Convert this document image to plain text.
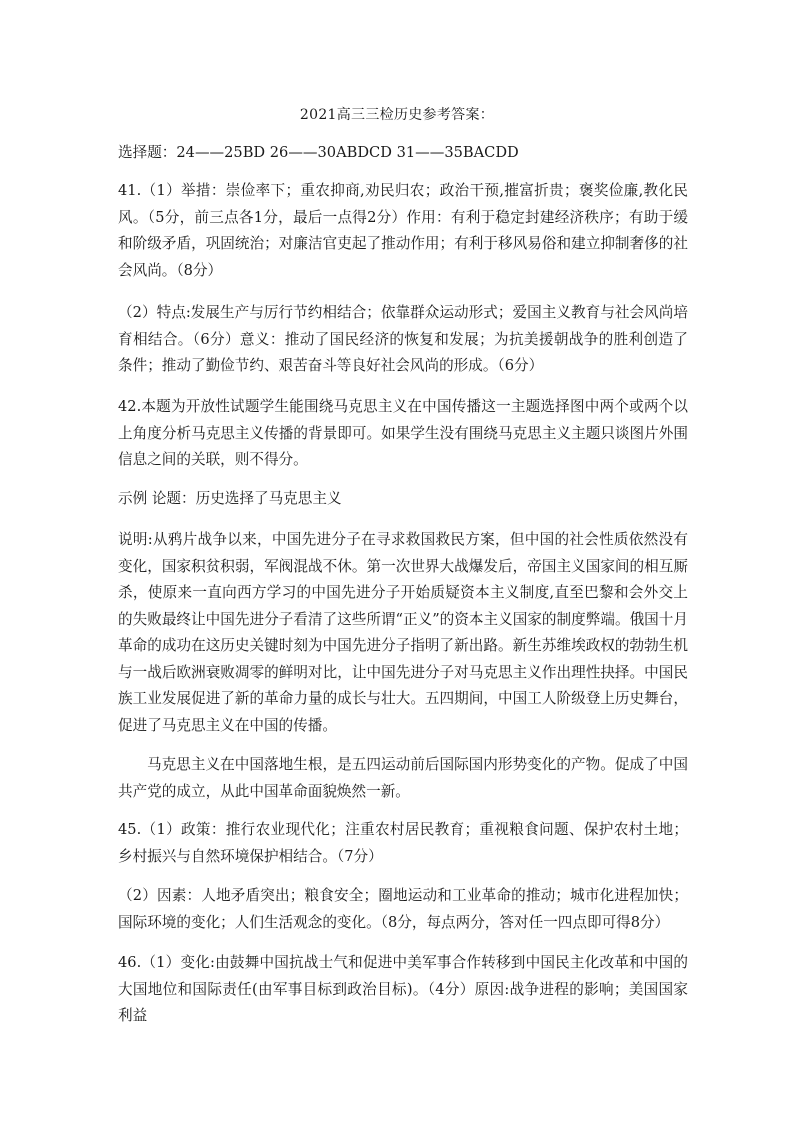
2021高三三检历史参考答案：

选择题：24——25BD 26——30ABDCD 31——35BACDD

41.（1）举措：崇俭率下；重农抑商,劝民归农；政治干预,摧富折贵；褒奖俭廉,教化民风。（5分，前三点各1分，最后一点得2分）作用：有利于稳定封建经济秩序；有助于缓和阶级矛盾，巩固统治；对廉洁官吏起了推动作用；有利于移风易俗和建立抑制奢侈的社会风尚。（8分）

（2）特点:发展生产与厉行节约相结合；依靠群众运动形式；爱国主义教育与社会风尚培育相结合。（6分）意义：推动了国民经济的恢复和发展；为抗美援朝战争的胜利创造了条件；推动了勤俭节约、艰苦奋斗等良好社会风尚的形成。（6分）

42.本题为开放性试题学生能围绕马克思主义在中国传播这一主题选择图中两个或两个以上角度分析马克思主义传播的背景即可。如果学生没有围绕马克思主义主题只谈图片外围信息之间的关联，则不得分。

示例 论题：历史选择了马克思主义

说明:从鸦片战争以来，中国先进分子在寻求救国救民方案，但中国的社会性质依然没有变化，国家积贫积弱，军阀混战不休。第一次世界大战爆发后，帝国主义国家间的相互厮杀，使原来一直向西方学习的中国先进分子开始质疑资本主义制度,直至巴黎和会外交上的失败最终让中国先进分子看清了这些所谓“正义”的资本主义国家的制度弊端。俄国十月革命的成功在这历史关键时刻为中国先进分子指明了新出路。新生苏维埃政权的勃勃生机与一战后欧洲衰败凋零的鲜明对比，让中国先进分子对马克思主义作出理性抉择。中国民族工业发展促进了新的革命力量的成长与壮大。五四期间，中国工人阶级登上历史舞台，促进了马克思主义在中国的传播。

马克思主义在中国落地生根，是五四运动前后国际国内形势变化的产物。促成了中国共产党的成立，从此中国革命面貌焕然一新。

45.（1）政策：推行农业现代化；注重农村居民教育；重视粮食问题、保护农村土地；乡村振兴与自然环境保护相结合。（7分）

（2）因素：人地矛盾突出；粮食安全；圈地运动和工业革命的推动；城市化进程加快；国际环境的变化；人们生活观念的变化。（8分，每点两分，答对任一四点即可得8分）

46.（1）变化:由鼓舞中国抗战士气和促进中美军事合作转移到中国民主化改革和中国的大国地位和国际责任(由军事目标到政治目标)。（4分）原因:战争进程的影响；美国国家利益
